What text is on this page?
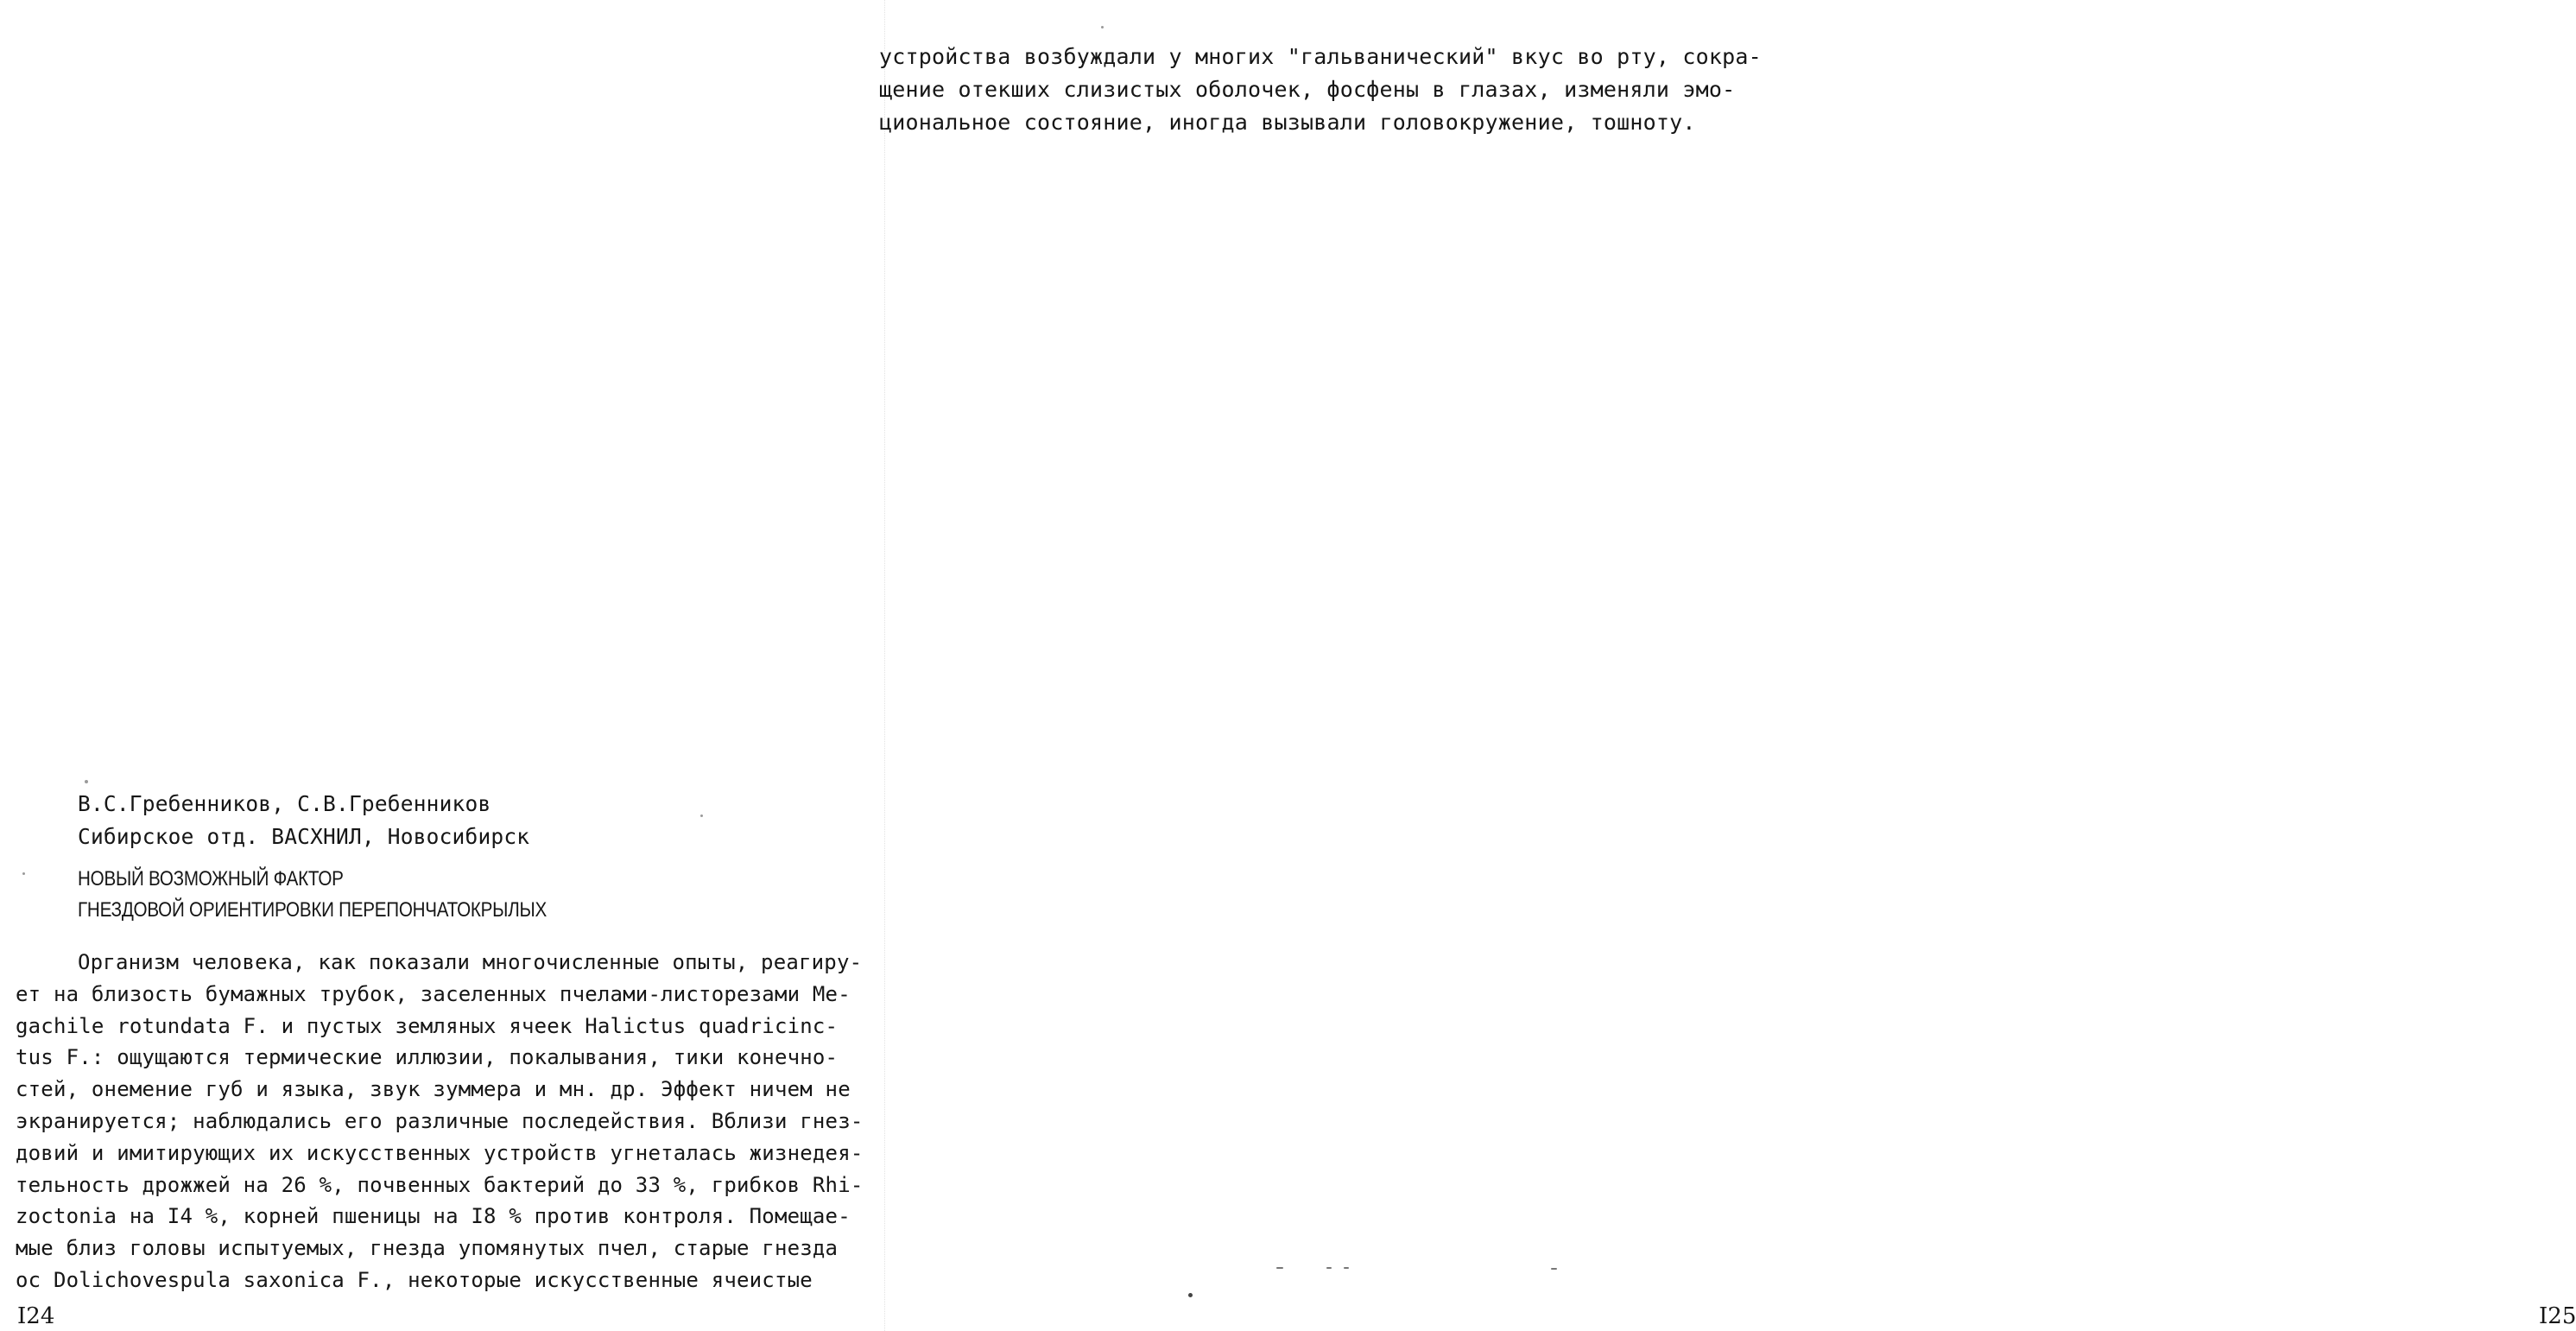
В.С.Гребенников, С.В.Гребенников
Сибирское отд. ВАСХНИЛ, Новосибирск
НОВЫЙ ВОЗМОЖНЫЙ ФАКТОР
ГНЕЗДОВОЙ ОРИЕНТИРОВКИ ПЕРЕПОНЧАТОКРЫЛЫХ
Организм человека, как показали многочисленные опыты, реагиру-
ет на близость бумажных трубок, заселенных пчелами-листорезами Me-
gachile rotundata F. и пустых земляных ячеек Halictus quadricinc-
tus F.: ощущаются термические иллюзии, покалывания, тики конечно-
стей, онемение губ и языка, звук зуммера и мн. др. Эффект ничем не
экранируется; наблюдались его различные последействия. Вблизи гнез-
довий и имитирующих их искусственных устройств угнеталась жизнедея-
тельность дрожжей на 26 %, почвенных бактерий до 33 %, грибков Rhi-
zoctonia на I4 %, корней пшеницы на I8 % против контроля. Помещае-
мые близ головы испытуемых, гнезда упомянутых пчел, старые гнезда
ос Dolichovespula saxonica F., некоторые искусственные ячеистые
I24
устройства возбуждали у многих "гальванический" вкус во рту, сокра-
щение отекших слизистых оболочек, фосфены в глазах, изменяли эмо-
циональное состояние, иногда вызывали головокружение, тошноту.
I25
